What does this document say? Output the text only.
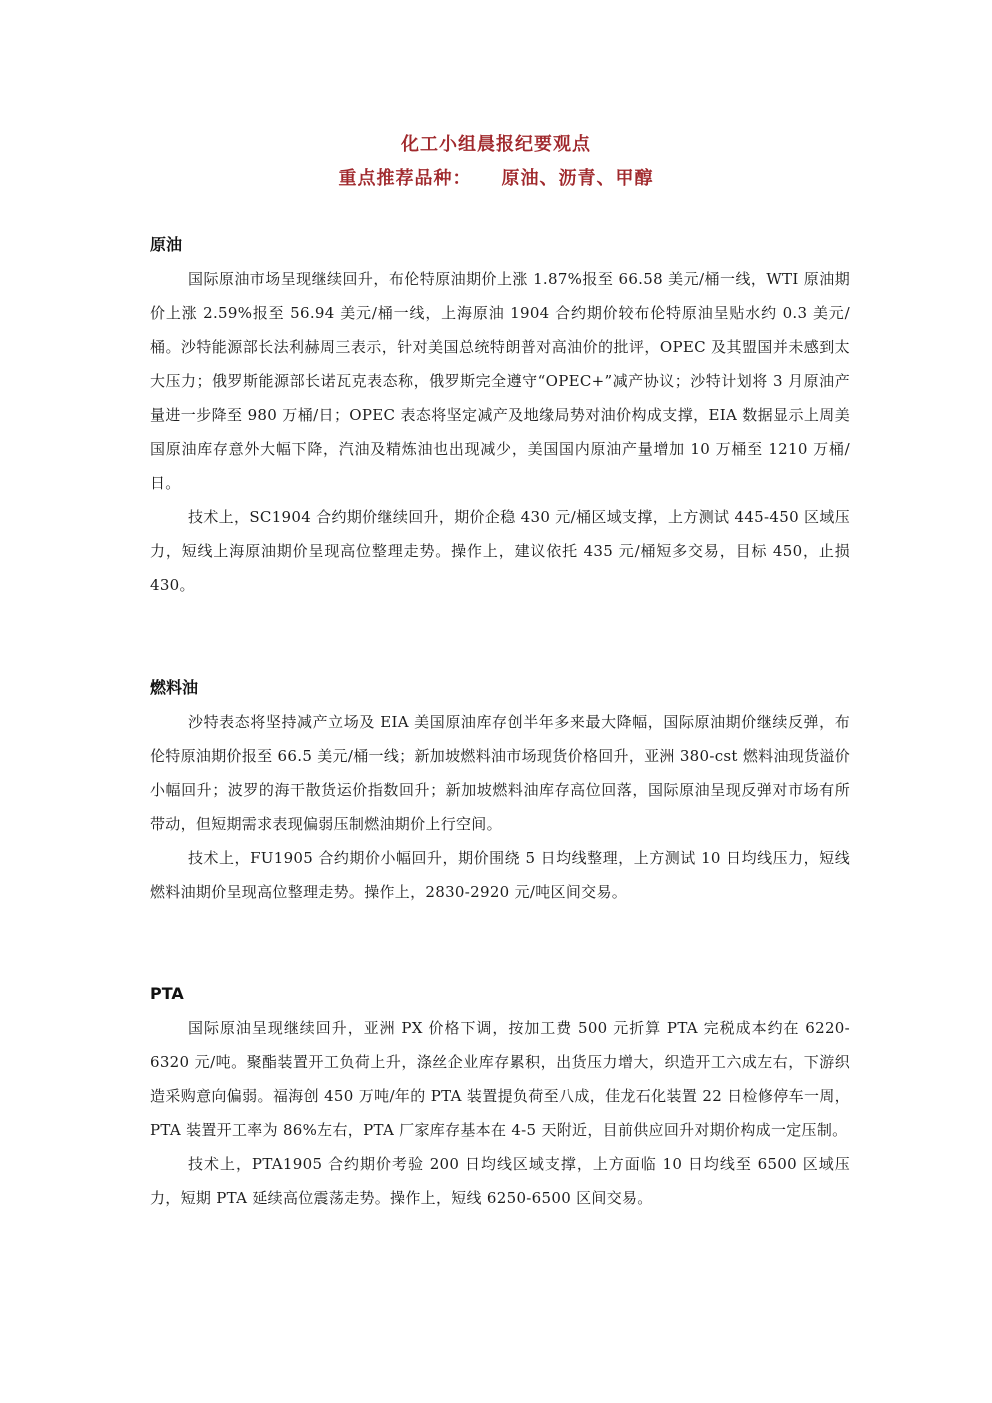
化工小组晨报纪要观点

重点推荐品种： 原油、沥青、甲醇

原油

国际原油市场呈现继续回升，布伦特原油期价上涨 1.87%报至 66.58 美元/桶一线，WTI 原油期价上涨 2.59%报至 56.94 美元/桶一线，上海原油 1904 合约期价较布伦特原油呈贴水约 0.3 美元/桶。沙特能源部长法利赫周三表示，针对美国总统特朗普对高油价的批评，OPEC 及其盟国并未感到太大压力；俄罗斯能源部长诺瓦克表态称，俄罗斯完全遵守“OPEC+”减产协议；沙特计划将 3 月原油产量进一步降至 980 万桶/日；OPEC 表态将坚定减产及地缘局势对油价构成支撑，EIA 数据显示上周美国原油库存意外大幅下降，汽油及精炼油也出现减少，美国国内原油产量增加 10 万桶至 1210 万桶/日。

技术上，SC1904 合约期价继续回升，期价企稳 430 元/桶区域支撑，上方测试 445-450 区域压力，短线上海原油期价呈现高位整理走势。操作上，建议依托 435 元/桶短多交易，目标 450，止损 430。

燃料油

沙特表态将坚持减产立场及 EIA 美国原油库存创半年多来最大降幅，国际原油期价继续反弹，布伦特原油期价报至 66.5 美元/桶一线；新加坡燃料油市场现货价格回升，亚洲 380-cst 燃料油现货溢价小幅回升；波罗的海干散货运价指数回升；新加坡燃料油库存高位回落，国际原油呈现反弹对市场有所带动，但短期需求表现偏弱压制燃油期价上行空间。

技术上，FU1905 合约期价小幅回升，期价围绕 5 日均线整理，上方测试 10 日均线压力，短线燃料油期价呈现高位整理走势。操作上，2830-2920 元/吨区间交易。

PTA

国际原油呈现继续回升，亚洲 PX 价格下调，按加工费 500 元折算 PTA 完税成本约在 6220-6320 元/吨。聚酯装置开工负荷上升，涤丝企业库存累积，出货压力增大，织造开工六成左右，下游织造采购意向偏弱。福海创 450 万吨/年的 PTA 装置提负荷至八成，佳龙石化装置 22 日检修停车一周，PTA 装置开工率为 86%左右，PTA 厂家库存基本在 4-5 天附近，目前供应回升对期价构成一定压制。

技术上，PTA1905 合约期价考验 200 日均线区域支撑，上方面临 10 日均线至 6500 区域压力，短期 PTA 延续高位震荡走势。操作上，短线 6250-6500 区间交易。
